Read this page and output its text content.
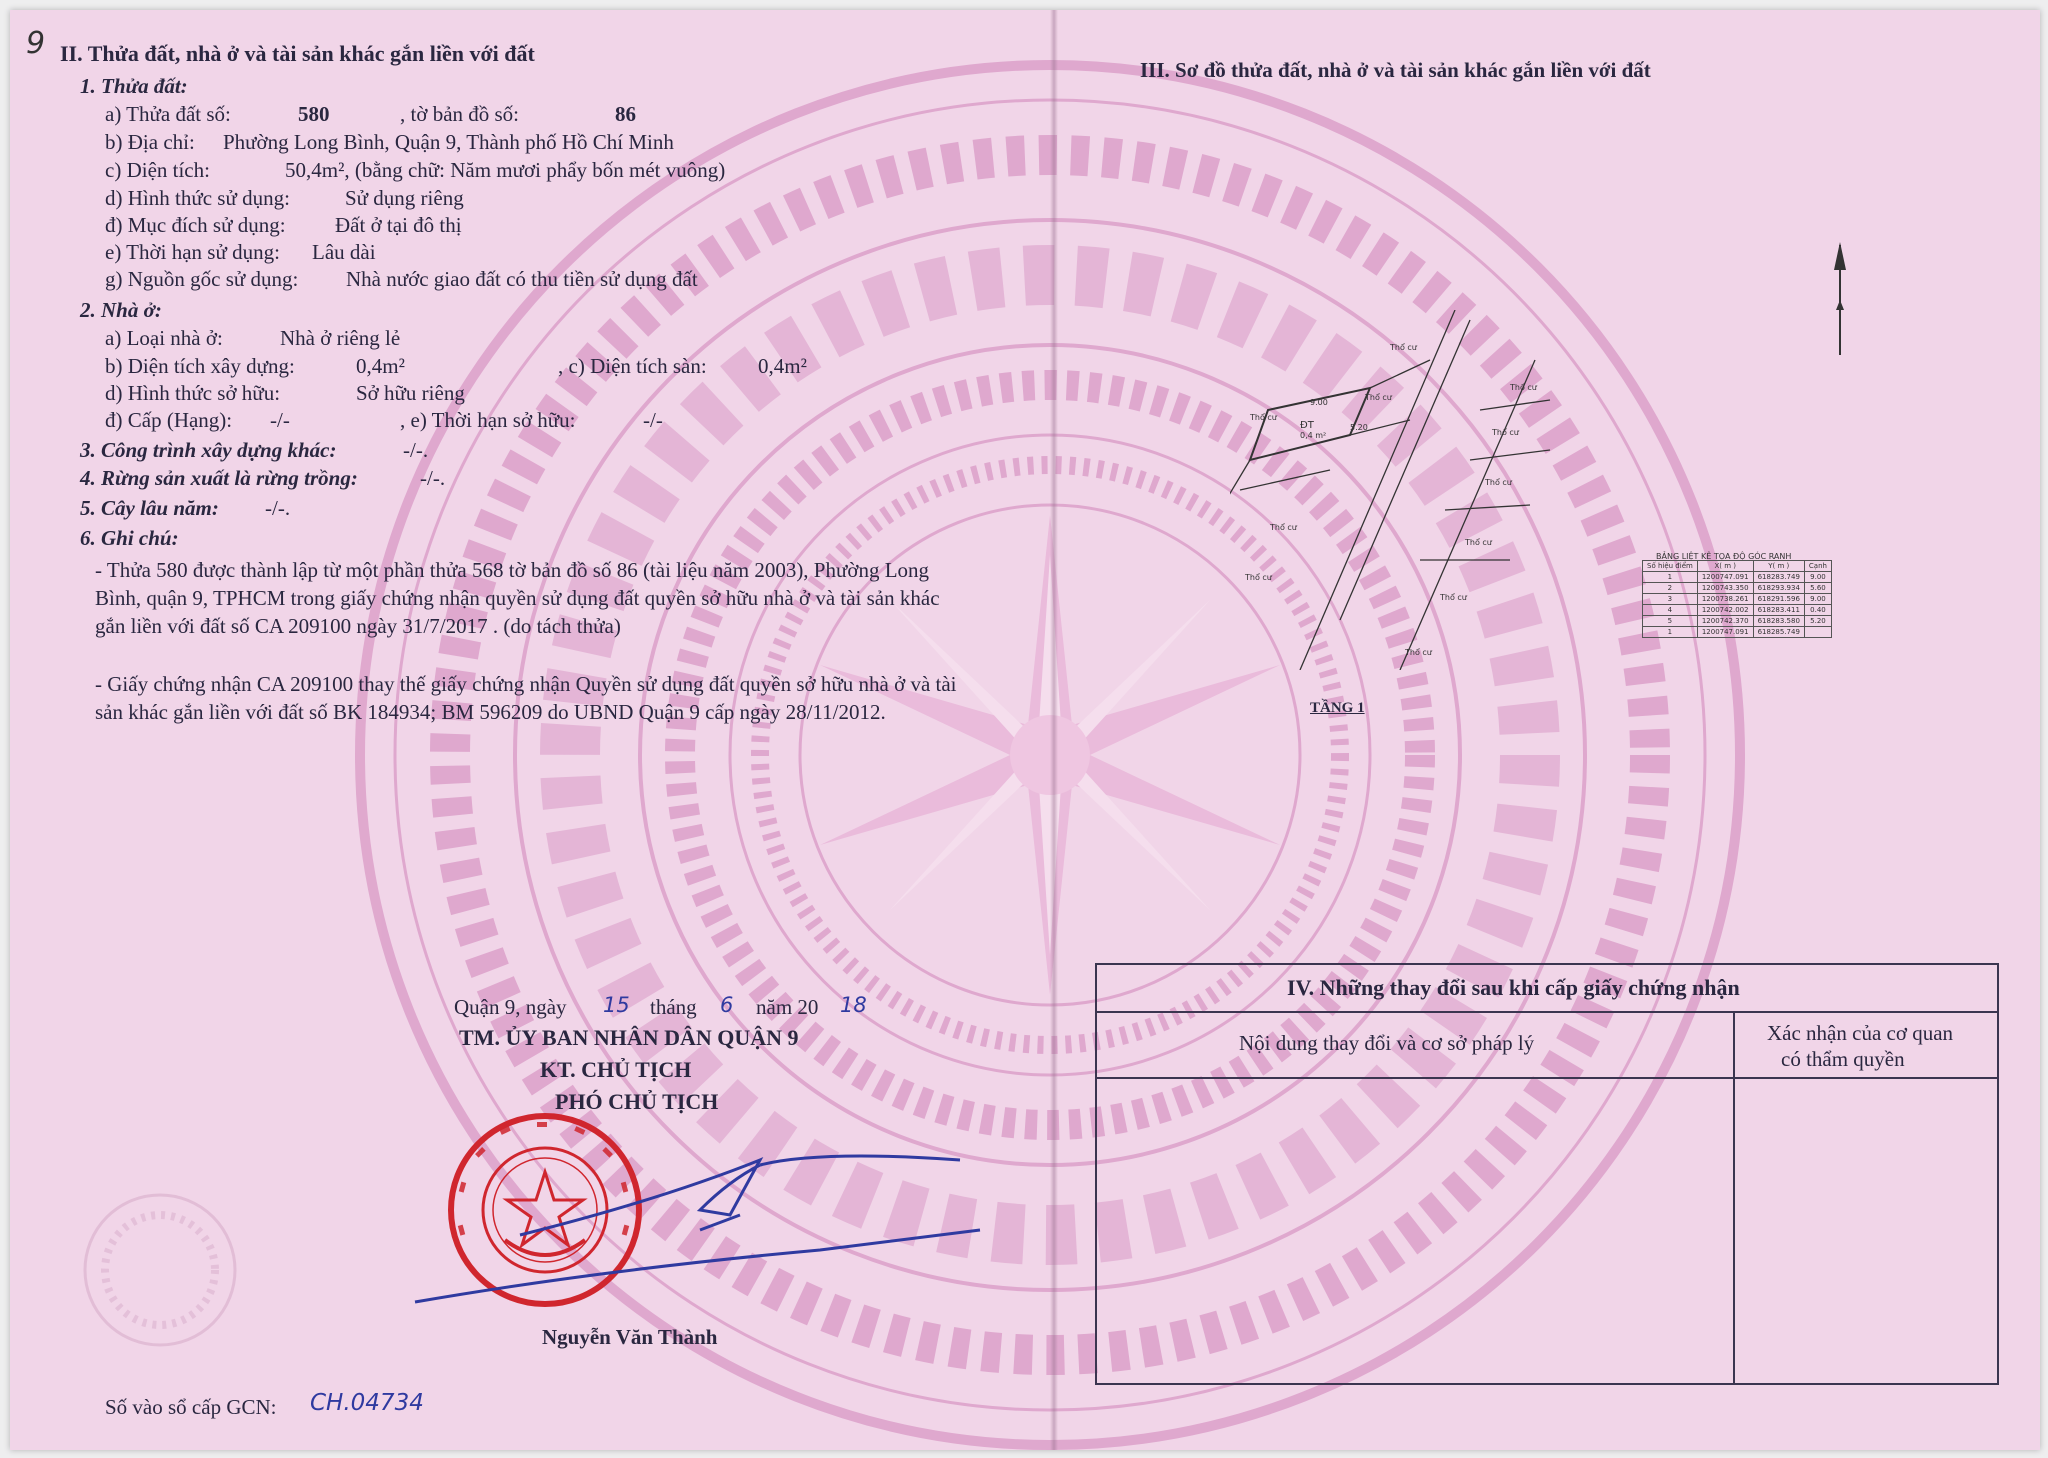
9 II. Thửa đất, nhà ở và tài sản khác gắn liền với đất
1. Thửa đất:
a) Thửa đất số:	580	, tờ bản đồ số:	86
b) Địa chỉ: Phường Long Bình, Quận 9, Thành phố Hồ Chí Minh
c) Diện tích:	50,4m², (bằng chữ: Năm mươi phẩy bốn mét vuông)
d) Hình thức sử dụng:	Sử dụng riêng
đ) Mục đích sử dụng: Đất ở tại đô thị
e) Thời hạn sử dụng: Lâu dài
g) Nguồn gốc sử dụng: Nhà nước giao đất có thu tiền sử dụng đất
2. Nhà ở:
a) Loại nhà ở:	Nhà ở riêng lẻ
b) Diện tích xây dựng:	0,4m²	, c) Diện tích sàn: 0,4m²
d) Hình thức sở hữu:	Sở hữu riêng
đ) Cấp (Hạng): -/-	, e) Thời hạn sở hữu:	-/-
3. Công trình xây dựng khác:	-/-.
4. Rừng sản xuất là rừng trồng:	-/-.
5. Cây lâu năm: -/-.
6. Ghi chú:
- Thửa 580 được thành lập từ một phần thửa 568 tờ bản đồ số 86 (tài liệu năm 2003), Phường Long Bình, quận 9, TPHCM trong giấy chứng nhận quyền sử dụng đất quyền sở hữu nhà ở và tài sản khác gắn liền với đất số CA 209100 ngày 31/7/2017 . (do tách thửa)
- Giấy chứng nhận CA 209100 thay thế giấy chứng nhận Quyền sử dụng đất quyền sở hữu nhà ở và tài sản khác gắn liền với đất số BK 184934; BM 596209 do UBND Quận 9 cấp ngày 28/11/2012.
Quận 9, ngày 15 tháng 6 năm 20 18
TM. ỦY BAN NHÂN DÂN QUẬN 9
KT. CHỦ TỊCH
PHÓ CHỦ TỊCH
Nguyễn Văn Thành
Số vào sổ cấp GCN: CH.04734
III. Sơ đồ thửa đất, nhà ở và tài sản khác gắn liền với đất
Thổ cư
Thổ cư
Thổ cư
ĐT
0,4 m²
Thổ cư
Thổ cư
Thổ cư
Thổ cư
Thổ cư
Thổ cư
Thổ cư
Thổ cư
5.20
9.00
BẢNG LIỆT KÊ TỌA ĐỘ GÓC RANH
Số hiệu điểm	X( m )	Y( m )	Cạnh
1	1200747.091	618283.749	9.00
2	1200743.350	618293.934	5.60
3	1200738.261	618291.596	9.00
4	1200742.002	618283.411	0.40
5	1200742.370	618283.580	5.20
1	1200747.091	618285.749	
TẦNG 1
IV. Những thay đổi sau khi cấp giấy chứng nhận
Nội dung thay đổi và cơ sở pháp lý	Xác nhận của cơ quan
có thẩm quyền
